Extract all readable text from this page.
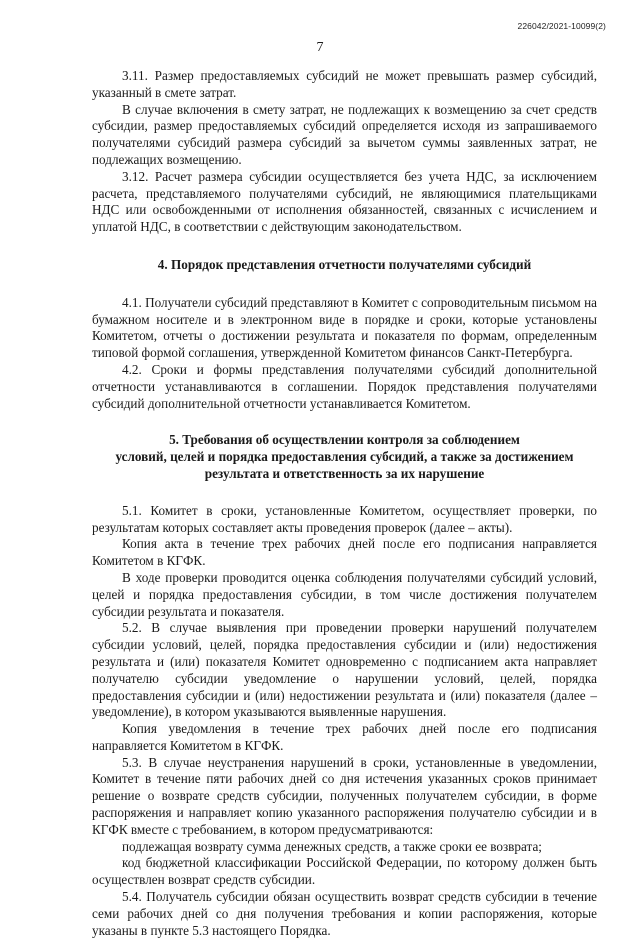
226042/2021-10099(2)
7

3.11. Размер предоставляемых субсидий не может превышать размер субсидий, указанный в смете затрат.

В случае включения в смету затрат, не подлежащих к возмещению за счет средств субсидии, размер предоставляемых субсидий определяется исходя из запрашиваемого получателями субсидий размера субсидий за вычетом суммы заявленных затрат, не подлежащих возмещению.

3.12. Расчет размера субсидии осуществляется без учета НДС, за исключением расчета, представляемого получателями субсидий, не являющимися плательщиками НДС или освобожденными от исполнения обязанностей, связанных с исчислением и уплатой НДС, в соответствии с действующим законодательством.

4. Порядок представления отчетности получателями субсидий

4.1. Получатели субсидий представляют в Комитет с сопроводительным письмом на бумажном носителе и в электронном виде в порядке и сроки, которые установлены Комитетом, отчеты о достижении результата и показателя по формам, определенным типовой формой соглашения, утвержденной Комитетом финансов Санкт-Петербурга.

4.2. Сроки и формы представления получателями субсидий дополнительной отчетности устанавливаются в соглашении. Порядок представления получателями субсидий дополнительной отчетности устанавливается Комитетом.

5. Требования об осуществлении контроля за соблюдением
условий, целей и порядка предоставления субсидий, а также за достижением
результата и ответственность за их нарушение

5.1. Комитет в сроки, установленные Комитетом, осуществляет проверки, по результатам которых составляет акты проведения проверок (далее – акты).

Копия акта в течение трех рабочих дней после его подписания направляется Комитетом в КГФК.

В ходе проверки проводится оценка соблюдения получателями субсидий условий, целей и порядка предоставления субсидии, в том числе достижения получателем субсидии результата и показателя.

5.2. В случае выявления при проведении проверки нарушений получателем субсидии условий, целей, порядка предоставления субсидии и (или) недостижения результата и (или) показателя Комитет одновременно с подписанием акта направляет получателю субсидии уведомление о нарушении условий, целей, порядка предоставления субсидии и (или) недостижении результата и (или) показателя (далее – уведомление), в котором указываются выявленные нарушения.

Копия уведомления в течение трех рабочих дней после его подписания направляется Комитетом в КГФК.

5.3. В случае неустранения нарушений в сроки, установленные в уведомлении, Комитет в течение пяти рабочих дней со дня истечения указанных сроков принимает решение о возврате средств субсидии, полученных получателем субсидии, в форме распоряжения и направляет копию указанного распоряжения получателю субсидии и в КГФК вместе с требованием, в котором предусматриваются:

подлежащая возврату сумма денежных средств, а также сроки ее возврата;

код бюджетной классификации Российской Федерации, по которому должен быть осуществлен возврат средств субсидии.

5.4. Получатель субсидии обязан осуществить возврат средств субсидии в течение семи рабочих дней со дня получения требования и копии распоряжения, которые указаны в пункте 5.3 настоящего Порядка.
